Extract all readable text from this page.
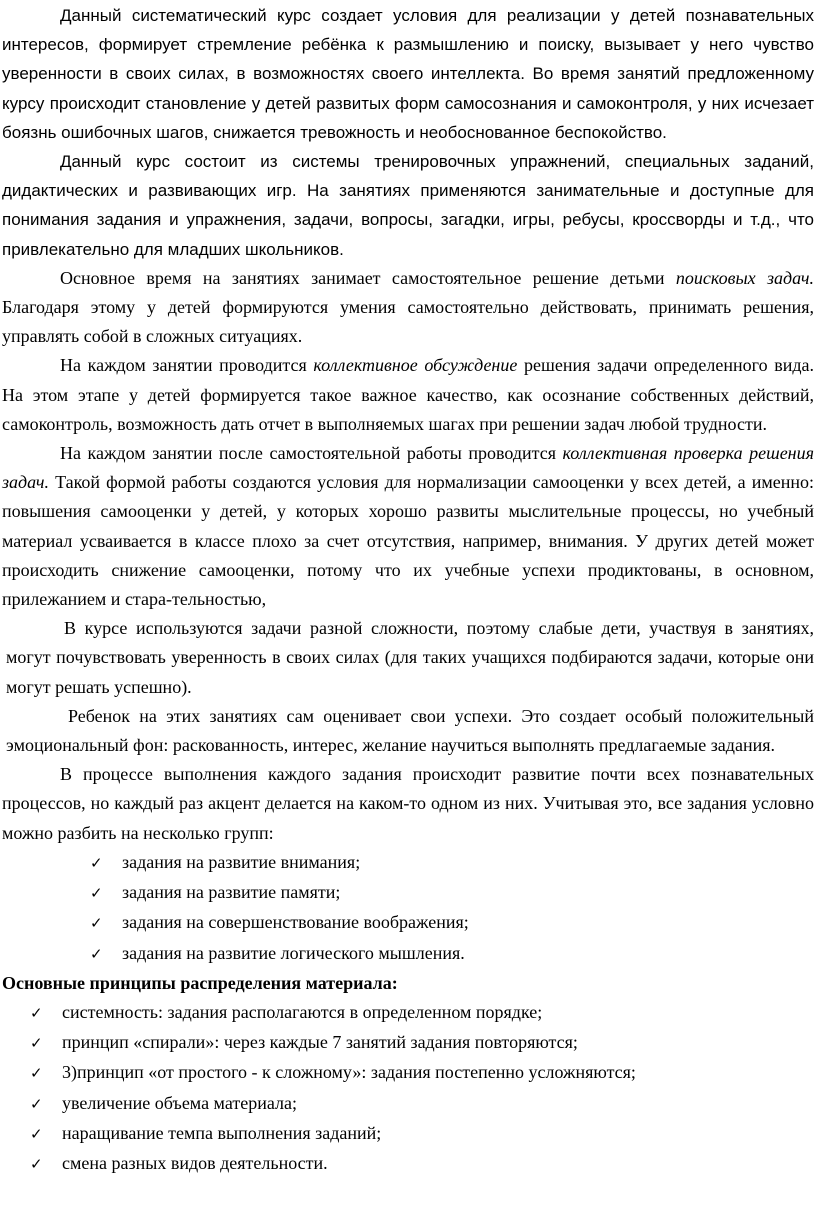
Данный систематический курс создает условия для реализации у детей познавательных интересов, формирует стремление ребёнка к размышлению и поиску, вызывает у него чувство уверенности в своих силах, в возможностях своего интеллекта. Во время занятий предложенному курсу происходит становление у детей развитых форм самосознания и самоконтроля, у них исчезает боязнь ошибочных шагов, снижается тревожность и необоснованное беспокойство.

Данный курс состоит из системы тренировочных упражнений, специальных заданий, дидактических и развивающих игр. На занятиях применяются занимательные и доступные для понимания задания и упражнения, задачи, вопросы, загадки, игры, ребусы, кроссворды и т.д., что привлекательно для младших школьников.

Основное время на занятиях занимает самостоятельное решение детьми поисковых задач. Благодаря этому у детей формируются умения самостоятельно действовать, принимать решения, управлять собой в сложных ситуациях.

На каждом занятии проводится коллективное обсуждение решения задачи определенного вида. На этом этапе у детей формируется такое важное качество, как осознание собственных действий, самоконтроль, возможность дать отчет в выполняемых шагах при решении задач любой трудности.

На каждом занятии после самостоятельной работы проводится коллективная проверка решения задач. Такой формой работы создаются условия для нормализации самооценки у всех детей, а именно: повышения самооценки у детей, у которых хорошо развиты мыслительные процессы, но учебный материал усваивается в классе плохо за счет отсутствия, например, внимания. У других детей может происходить снижение самооценки, потому что их учебные успехи продиктованы, в основном, прилежанием и стара-тельностью,

В курсе используются задачи разной сложности, поэтому слабые дети, участвуя в занятиях, могут почувствовать уверенность в своих силах (для таких учащихся подбираются задачи, которые они могут решать успешно).

Ребенок на этих занятиях сам оценивает свои успехи. Это создает особый положительный эмоциональный фон: раскованность, интерес, желание научиться выполнять предлагаемые задания.

В процессе выполнения каждого задания происходит развитие почти всех познавательных процессов, но каждый раз акцент делается на каком-то одном из них. Учитывая это, все задания условно можно разбить на несколько групп:

✓	задания на развитие внимания;
✓	задания на развитие памяти;
✓	задания на совершенствование воображения;
✓	задания на развитие логического мышления.

Основные принципы распределения материала:

✓	системность: задания располагаются в определенном порядке;
✓	принцип «спирали»: через каждые 7 занятий задания повторяются;
✓	3)принцип «от простого - к сложному»: задания постепенно усложняются;
✓	увеличение объема материала;
✓	наращивание темпа выполнения заданий;
✓	смена разных видов деятельности.
